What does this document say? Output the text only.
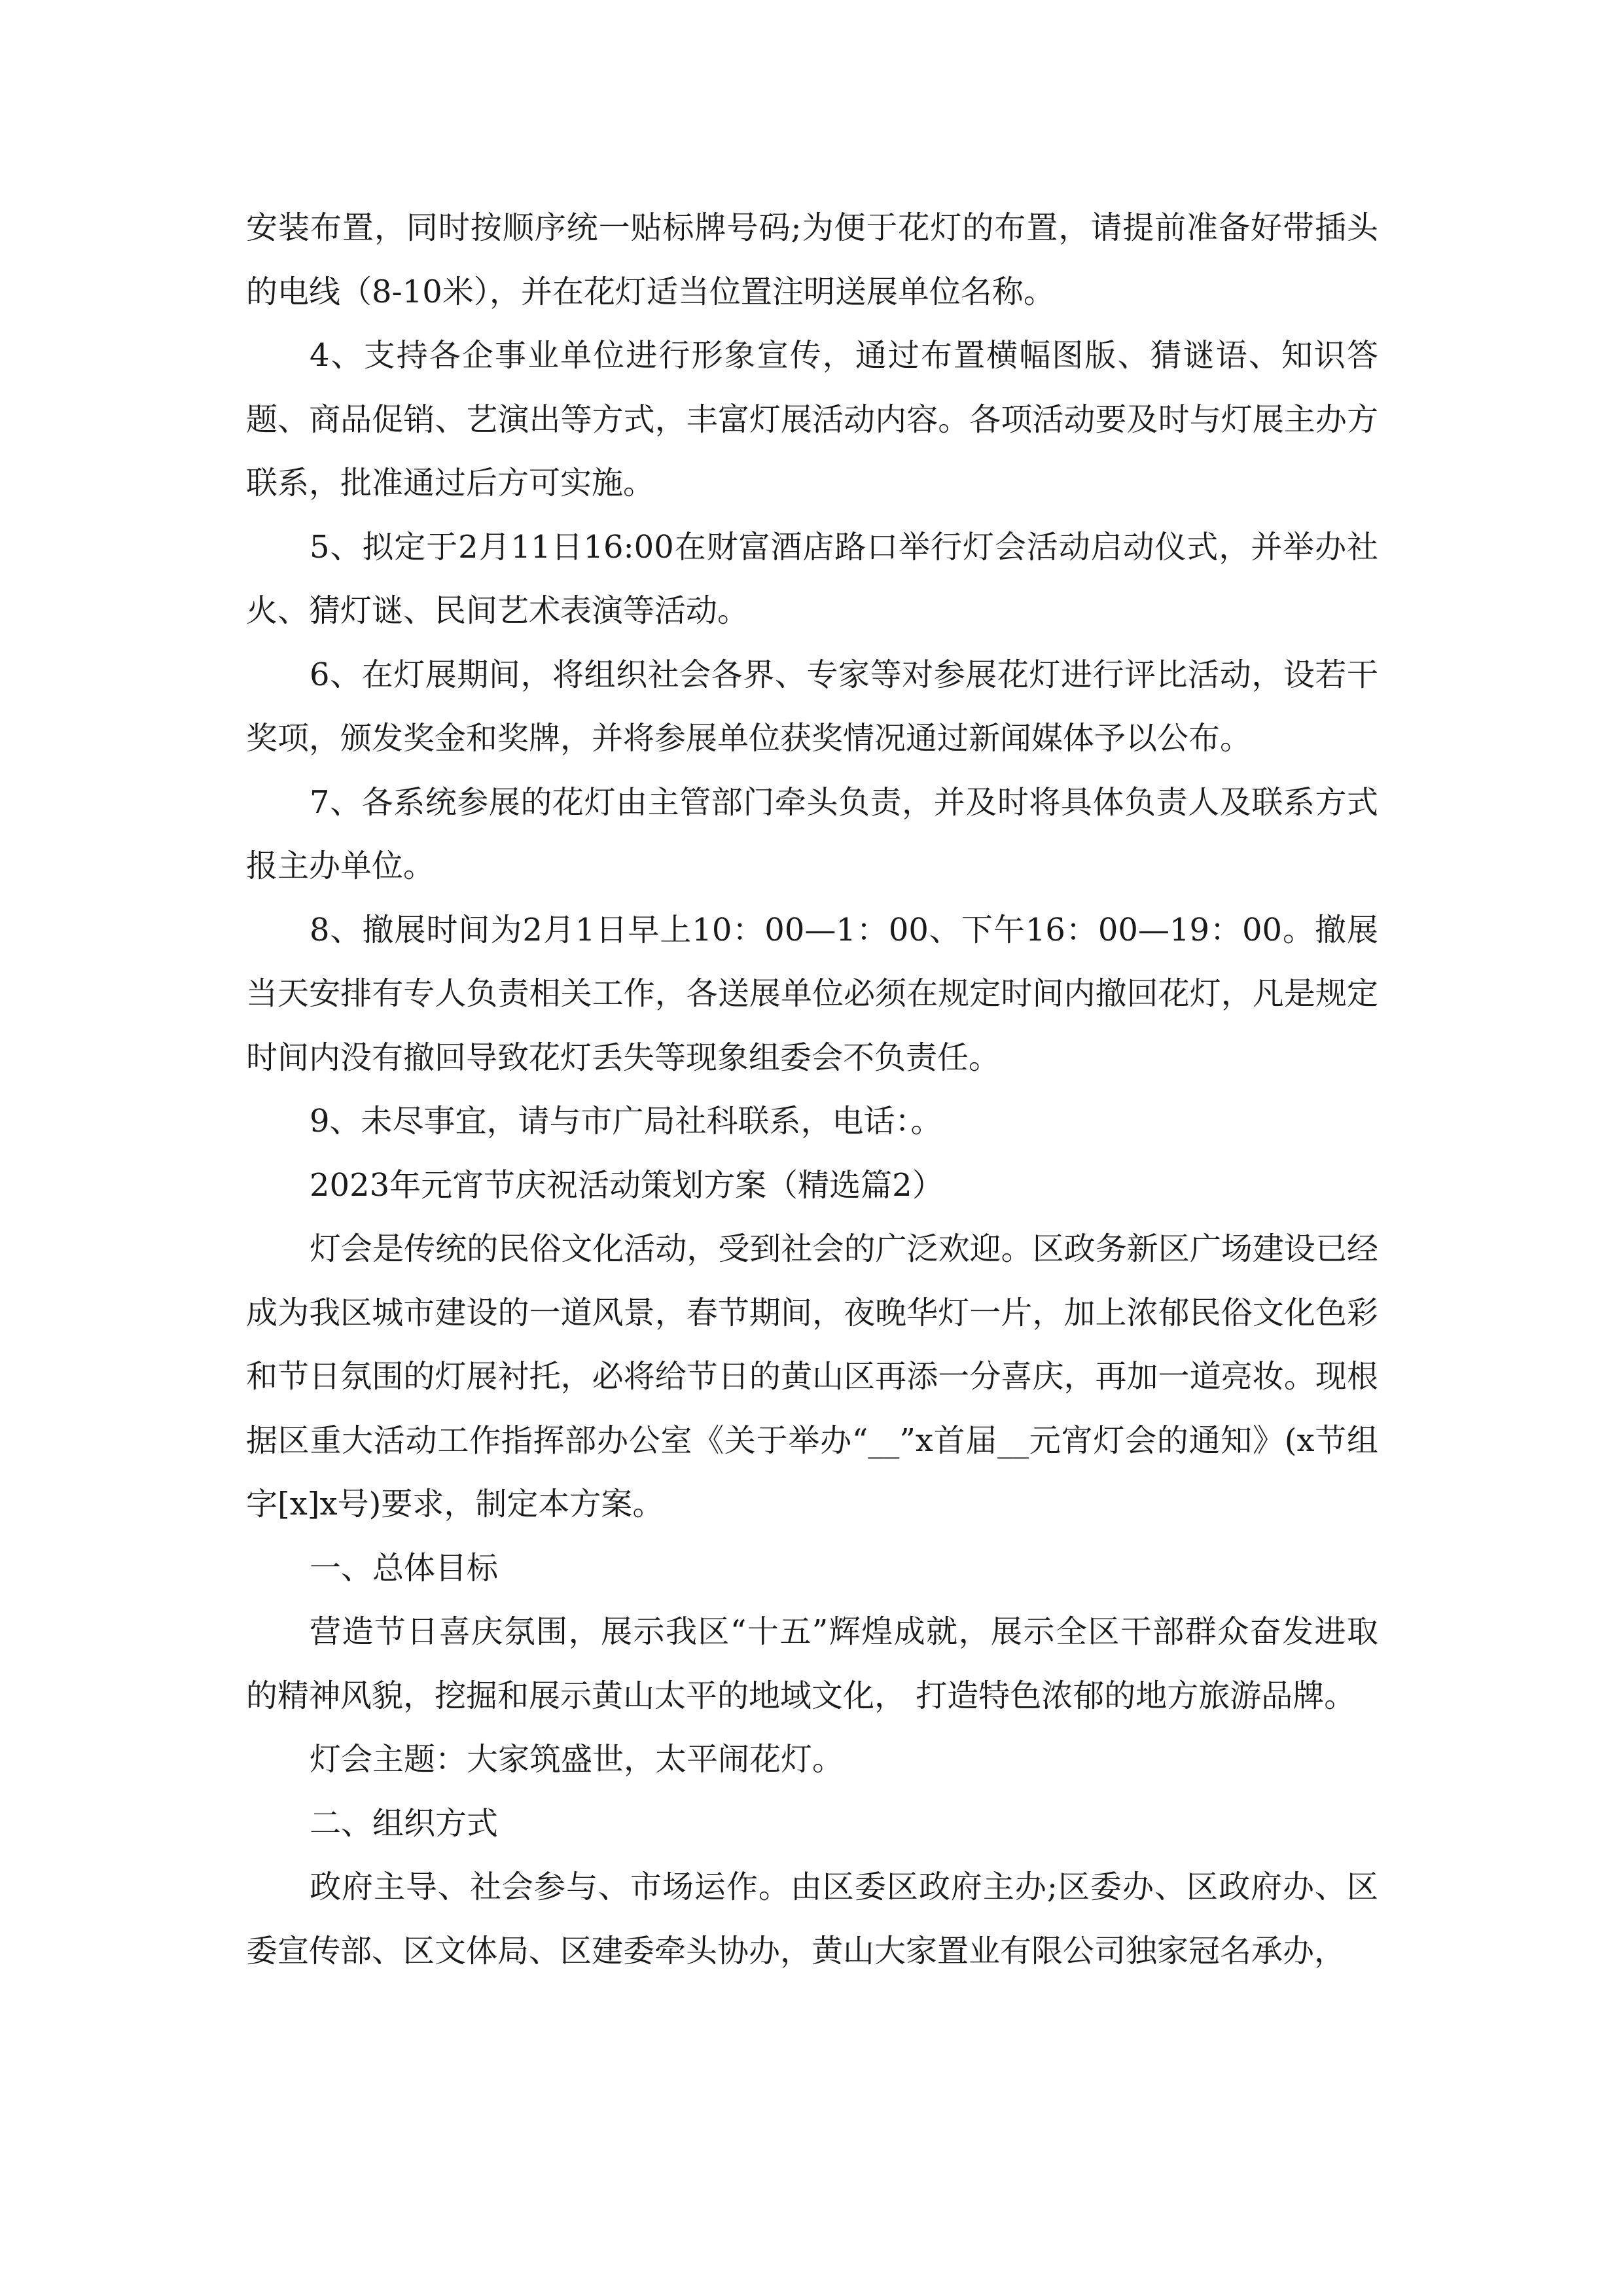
安装布置，同时按顺序统一贴标牌号码;为便于花灯的布置，请提前准备好带插头的电线（8-10米），并在花灯适当位置注明送展单位名称。

4、支持各企事业单位进行形象宣传，通过布置横幅图版、猜谜语、知识答题、商品促销、艺演出等方式，丰富灯展活动内容。各项活动要及时与灯展主办方联系，批准通过后方可实施。

5、拟定于2月11日16:00在财富酒店路口举行灯会活动启动仪式，并举办社火、猜灯谜、民间艺术表演等活动。

6、在灯展期间，将组织社会各界、专家等对参展花灯进行评比活动，设若干奖项，颁发奖金和奖牌，并将参展单位获奖情况通过新闻媒体予以公布。

7、各系统参展的花灯由主管部门牵头负责，并及时将具体负责人及联系方式报主办单位。

8、撤展时间为2月1日早上10：00—1：00、下午16：00—19：00。撤展当天安排有专人负责相关工作，各送展单位必须在规定时间内撤回花灯，凡是规定时间内没有撤回导致花灯丢失等现象组委会不负责任。

9、未尽事宜，请与市广局社科联系，电话：。

2023年元宵节庆祝活动策划方案（精选篇2）

灯会是传统的民俗文化活动，受到社会的广泛欢迎。区政务新区广场建设已经成为我区城市建设的一道风景，春节期间，夜晚华灯一片，加上浓郁民俗文化色彩和节日氛围的灯展衬托，必将给节日的黄山区再添一分喜庆，再加一道亮妆。现根据区重大活动工作指挥部办公室《关于举办“__”x首届__元宵灯会的通知》(x节组字[x]x号)要求，制定本方案。

一、总体目标

营造节日喜庆氛围，展示我区“十五”辉煌成就，展示全区干部群众奋发进取的精神风貌，挖掘和展示黄山太平的地域文化， 打造特色浓郁的地方旅游品牌。

灯会主题：大家筑盛世，太平闹花灯。

二、组织方式

政府主导、社会参与、市场运作。由区委区政府主办;区委办、区政府办、区委宣传部、区文体局、区建委牵头协办，黄山大家置业有限公司独家冠名承办，
